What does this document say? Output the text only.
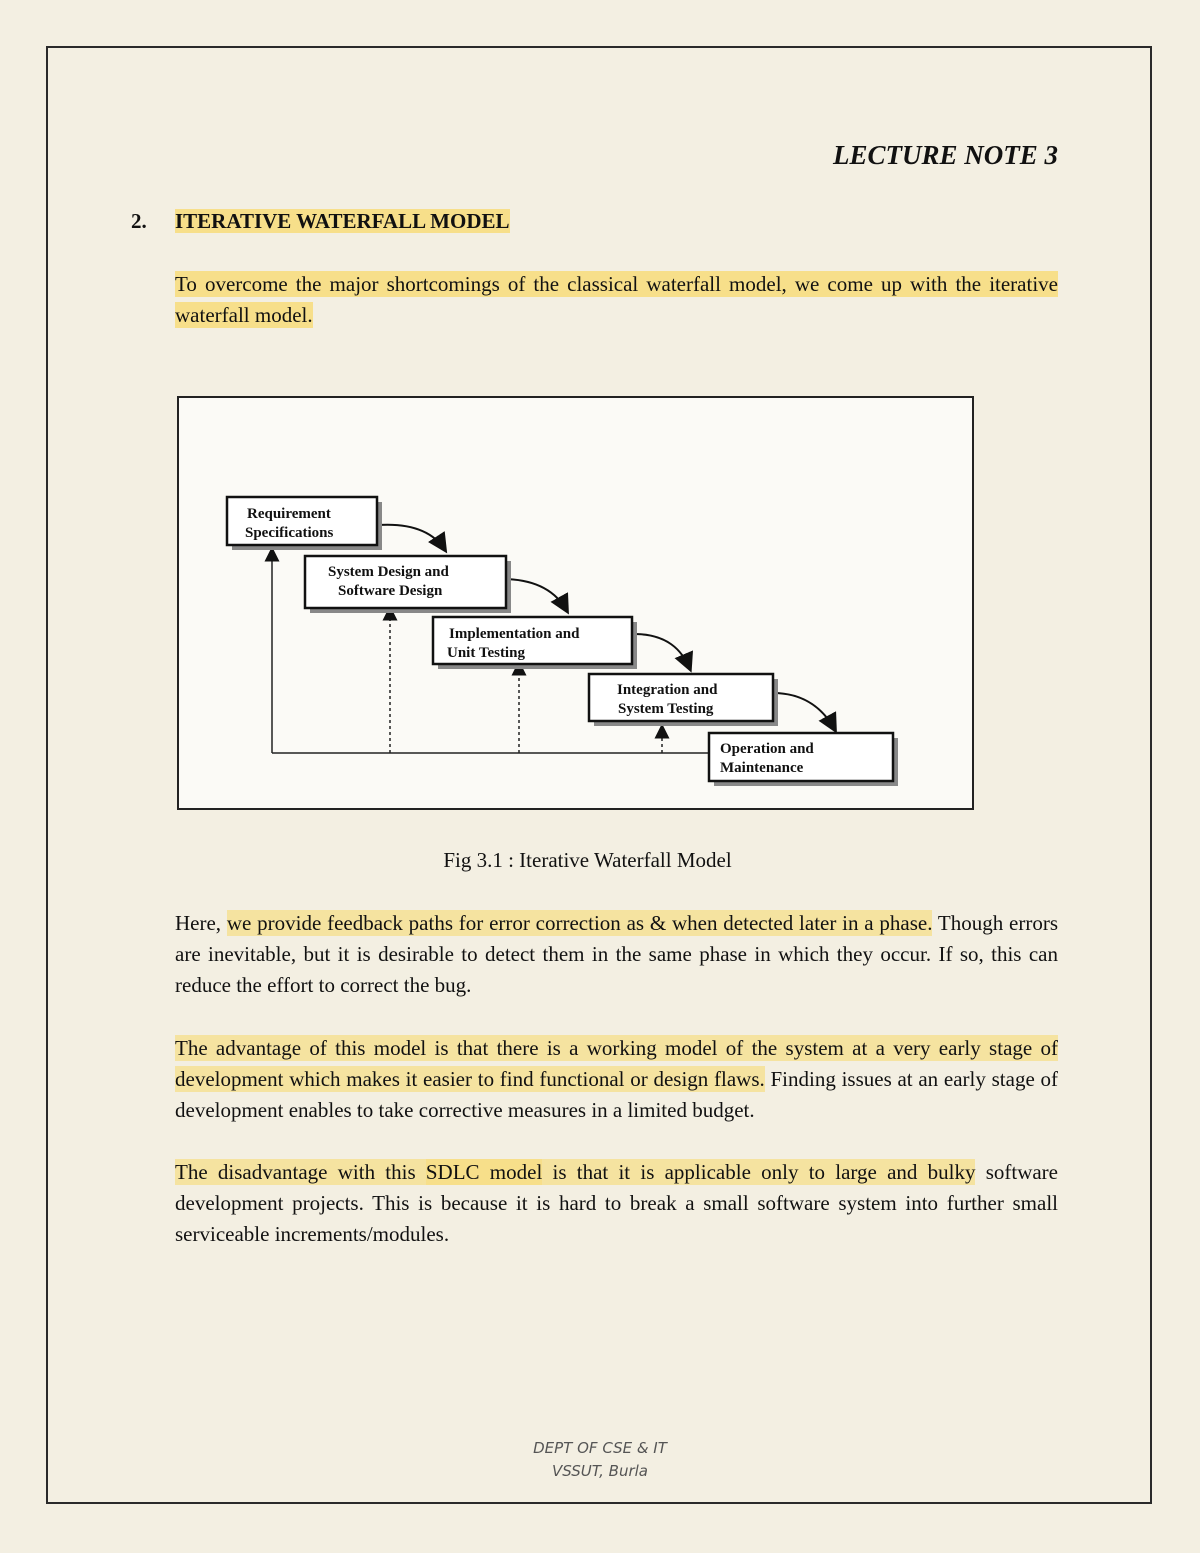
LECTURE NOTE 3
2. ITERATIVE WATERFALL MODEL
To overcome the major shortcomings of the classical waterfall model, we come up with the iterative waterfall model.
Requirement
Specifications
System Design and
Software Design
Implementation and
Unit Testing
Integration and
System Testing
Operation and
Maintenance
Fig 3.1 : Iterative Waterfall Model
Here, we provide feedback paths for error correction as & when detected later in a phase. Though errors are inevitable, but it is desirable to detect them in the same phase in which they occur. If so, this can reduce the effort to correct the bug.
The advantage of this model is that there is a working model of the system at a very early stage of development which makes it easier to find functional or design flaws. Finding issues at an early stage of development enables to take corrective measures in a limited budget.
The disadvantage with this SDLC model is that it is applicable only to large and bulky software development projects. This is because it is hard to break a small software system into further small serviceable increments/modules.
DEPT OF CSE & IT
VSSUT, Burla
